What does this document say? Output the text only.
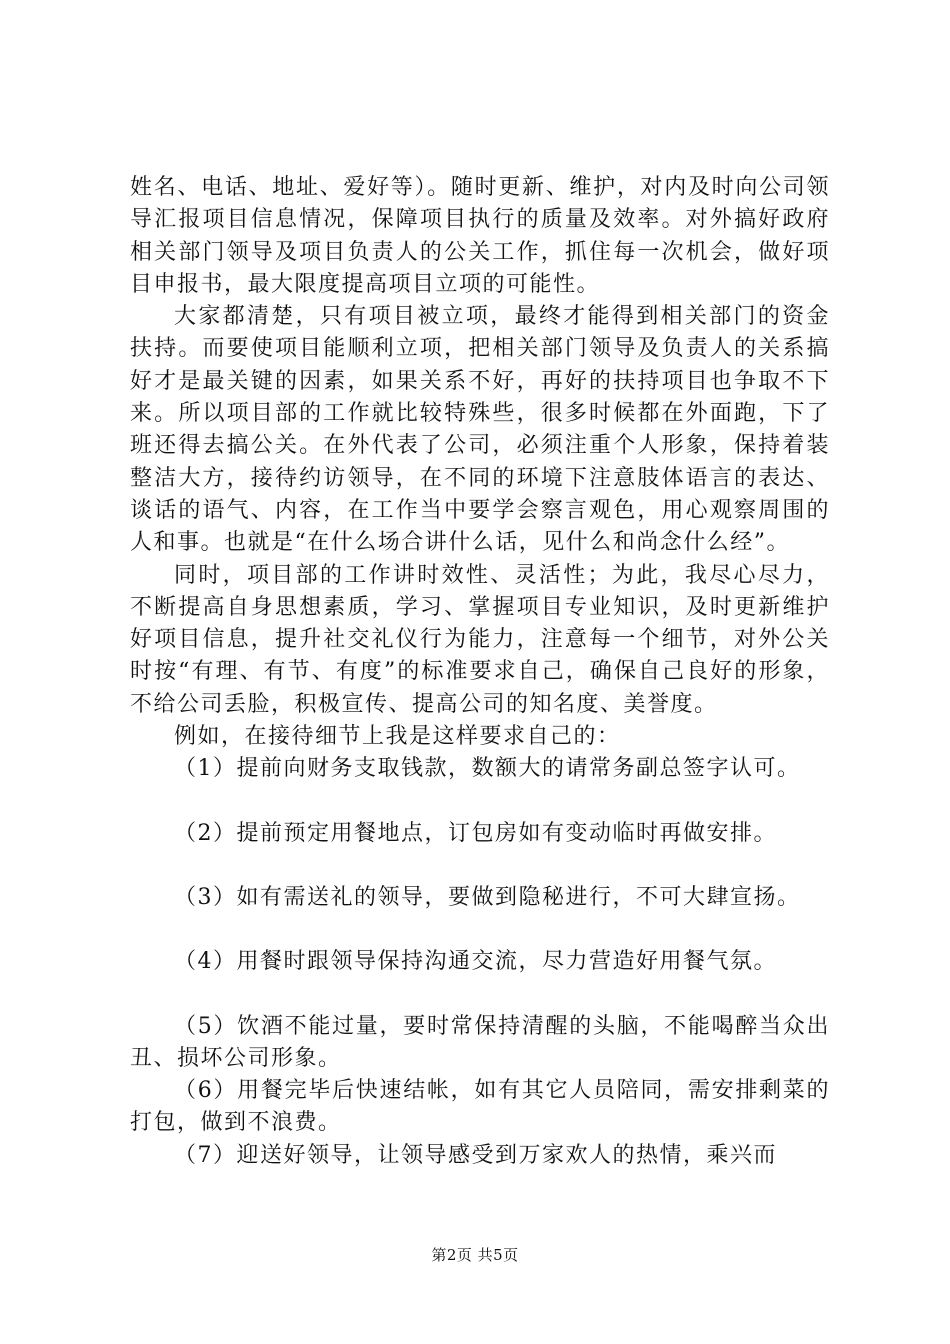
姓名、电话、地址、爱好等）。随时更新、维护，对内及时向公司领导汇报项目信息情况，保障项目执行的质量及效率。对外搞好政府相关部门领导及项目负责人的公关工作，抓住每一次机会，做好项目申报书，最大限度提高项目立项的可能性。

大家都清楚，只有项目被立项，最终才能得到相关部门的资金扶持。而要使项目能顺利立项，把相关部门领导及负责人的关系搞好才是最关键的因素，如果关系不好，再好的扶持项目也争取不下来。所以项目部的工作就比较特殊些，很多时候都在外面跑，下了班还得去搞公关。在外代表了公司，必须注重个人形象，保持着装整洁大方，接待约访领导，在不同的环境下注意肢体语言的表达、谈话的语气、内容，在工作当中要学会察言观色，用心观察周围的人和事。也就是“在什么场合讲什么话，见什么和尚念什么经”。

同时，项目部的工作讲时效性、灵活性；为此，我尽心尽力，不断提高自身思想素质，学习、掌握项目专业知识，及时更新维护好项目信息，提升社交礼仪行为能力，注意每一个细节，对外公关时按“有理、有节、有度”的标准要求自己，确保自己良好的形象，不给公司丢脸，积极宣传、提高公司的知名度、美誉度。

例如，在接待细节上我是这样要求自己的：

（1）提前向财务支取钱款，数额大的请常务副总签字认可。

（2）提前预定用餐地点，订包房如有变动临时再做安排。

（3）如有需送礼的领导，要做到隐秘进行，不可大肆宣扬。

（4）用餐时跟领导保持沟通交流，尽力营造好用餐气氛。

（5）饮酒不能过量，要时常保持清醒的头脑，不能喝醉当众出丑、损坏公司形象。

（6）用餐完毕后快速结帐，如有其它人员陪同，需安排剩菜的打包，做到不浪费。

（7）迎送好领导，让领导感受到万家欢人的热情，乘兴而

第2页 共5页
